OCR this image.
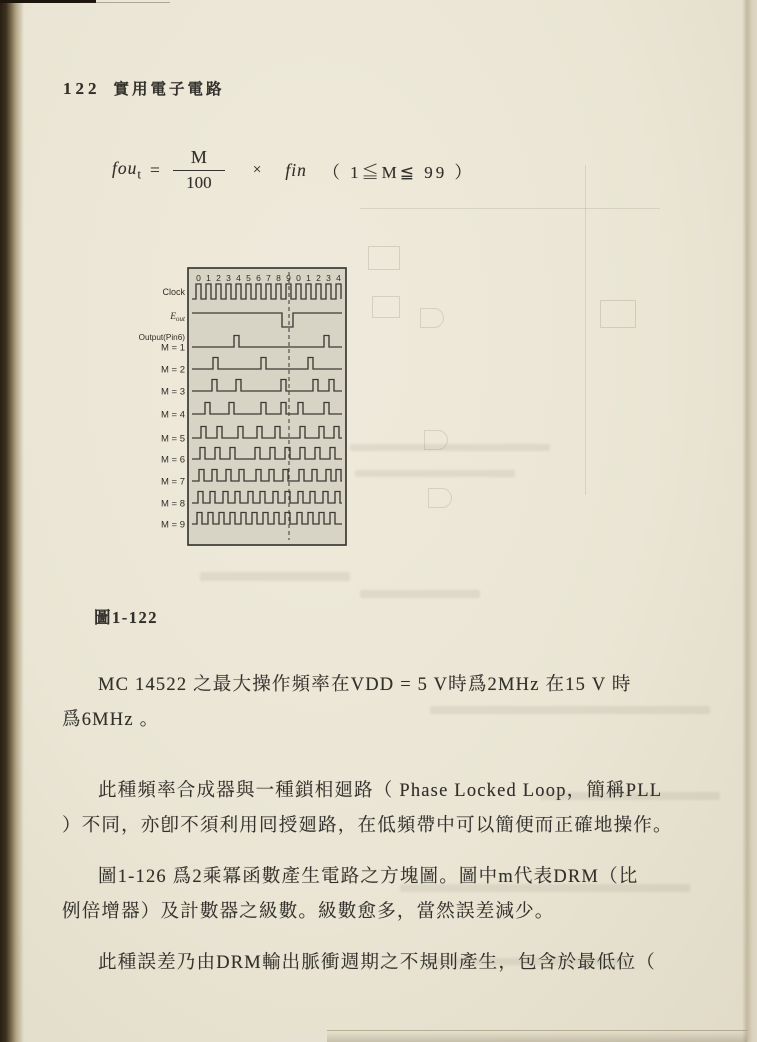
122 實用電子電路
$fou_t = \frac{M}{100}$ × fin （ 1≦M≦ 99 ）
0 1 2 3 4 5 6 7 8 9 0 1 2 3 4
Clock
$E_{out}$
Output(Pin6)
M = 1
M = 2
M = 3
M = 4
M = 5
M = 6
M = 7
M = 8
M = 9
圖1-122
MC 14522 之最大操作頻率在VDD = 5 V時爲2MHz 在15 V 時
爲6MHz 。
此種頻率合成器與一種鎖相廻路（ Phase Locked Loop，簡稱PLL
）不同，亦卽不須利用囘授廻路，在低頻帶中可以簡便而正確地操作。
圖1-126 爲2乘冪函數產生電路之方塊圖。圖中m代表DRM（比
例倍增器）及計數器之級數。級數愈多，當然誤差減少。
此種誤差乃由DRM輸出脈衝週期之不規則產生，包含於最低位（
